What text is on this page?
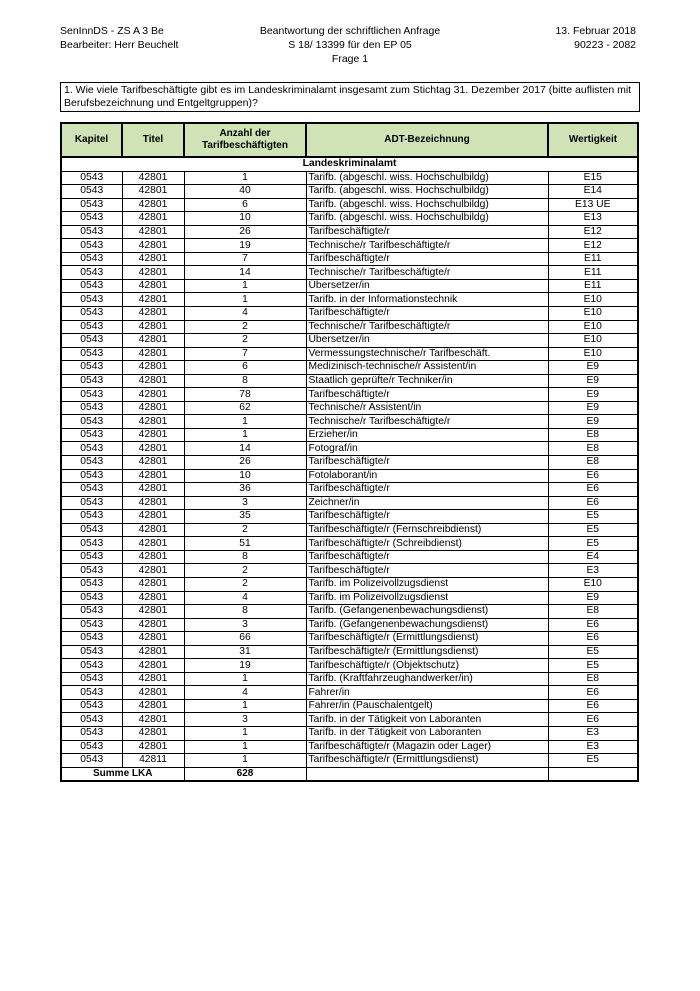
SenInnDS - ZS A 3 Be
Bearbeiter: Herr Beuchelt
Beantwortung der schriftlichen Anfrage
S 18/ 13399 für den EP 05
Frage 1
13. Februar 2018
90223 - 2082
1. Wie viele Tarifbeschäftigte gibt es im Landeskriminalamt insgesamt zum Stichtag 31. Dezember 2017 (bitte auflisten mit Berufsbezeichnung und Entgeltgruppen)?
Kapitel	Titel	Anzahl der Tarifbeschäftigten	ADT-Bezeichnung	Wertigkeit
Landeskriminalamt				
0543	42801	1	Tarifb. (abgeschl. wiss. Hochschulbildg)	E15
0543	42801	40	Tarifb. (abgeschl. wiss. Hochschulbildg)	E14
0543	42801	6	Tarifb. (abgeschl. wiss. Hochschulbildg)	E13 UE
0543	42801	10	Tarifb. (abgeschl. wiss. Hochschulbildg)	E13
0543	42801	26	Tarifbeschäftigte/r	E12
0543	42801	19	Technische/r Tarifbeschäftigte/r	E12
0543	42801	7	Tarifbeschäftigte/r	E11
0543	42801	14	Technische/r Tarifbeschäftigte/r	E11
0543	42801	1	Übersetzer/in	E11
0543	42801	1	Tarifb. in der Informationstechnik	E10
0543	42801	4	Tarifbeschäftigte/r	E10
0543	42801	2	Technische/r Tarifbeschäftigte/r	E10
0543	42801	2	Übersetzer/in	E10
0543	42801	7	Vermessungstechnische/r Tarifbeschäft.	E10
0543	42801	6	Medizinisch-technische/r Assistent/in	E9
0543	42801	8	Staatlich geprüfte/r Techniker/in	E9
0543	42801	78	Tarifbeschäftigte/r	E9
0543	42801	62	Technische/r Assistent/in	E9
0543	42801	1	Technische/r Tarifbeschäftigte/r	E9
0543	42801	1	Erzieher/in	E8
0543	42801	14	Fotograf/in	E8
0543	42801	26	Tarifbeschäftigte/r	E8
0543	42801	10	Fotolaborant/in	E6
0543	42801	36	Tarifbeschäftigte/r	E6
0543	42801	3	Zeichner/in	E6
0543	42801	35	Tarifbeschäftigte/r	E5
0543	42801	2	Tarifbeschäftigte/r (Fernschreibdienst)	E5
0543	42801	51	Tarifbeschäftigte/r (Schreibdienst)	E5
0543	42801	8	Tarifbeschäftigte/r	E4
0543	42801	2	Tarifbeschäftigte/r	E3
0543	42801	2	Tarifb. im Polizeivollzugsdienst	E10
0543	42801	4	Tarifb. im Polizeivollzugsdienst	E9
0543	42801	8	Tarifb. (Gefangenenbewachungsdienst)	E8
0543	42801	3	Tarifb. (Gefangenenbewachungsdienst)	E6
0543	42801	66	Tarifbeschäftigte/r (Ermittlungsdienst)	E6
0543	42801	31	Tarifbeschäftigte/r (Ermittlungsdienst)	E5
0543	42801	19	Tarifbeschäftigte/r (Objektschutz)	E5
0543	42801	1	Tarifb. (Kraftfahrzeughandwerker/in)	E8
0543	42801	4	Fahrer/in	E6
0543	42801	1	Fahrer/in (Pauschalentgelt)	E6
0543	42801	3	Tarifb. in der Tätigkeit von Laboranten	E6
0543	42801	1	Tarifb. in der Tätigkeit von Laboranten	E3
0543	42801	1	Tarifbeschäftigte/r (Magazin oder Lager)	E3
0543	42811	1	Tarifbeschäftigte/r (Ermittlungsdienst)	E5
Summe LKA		628		
